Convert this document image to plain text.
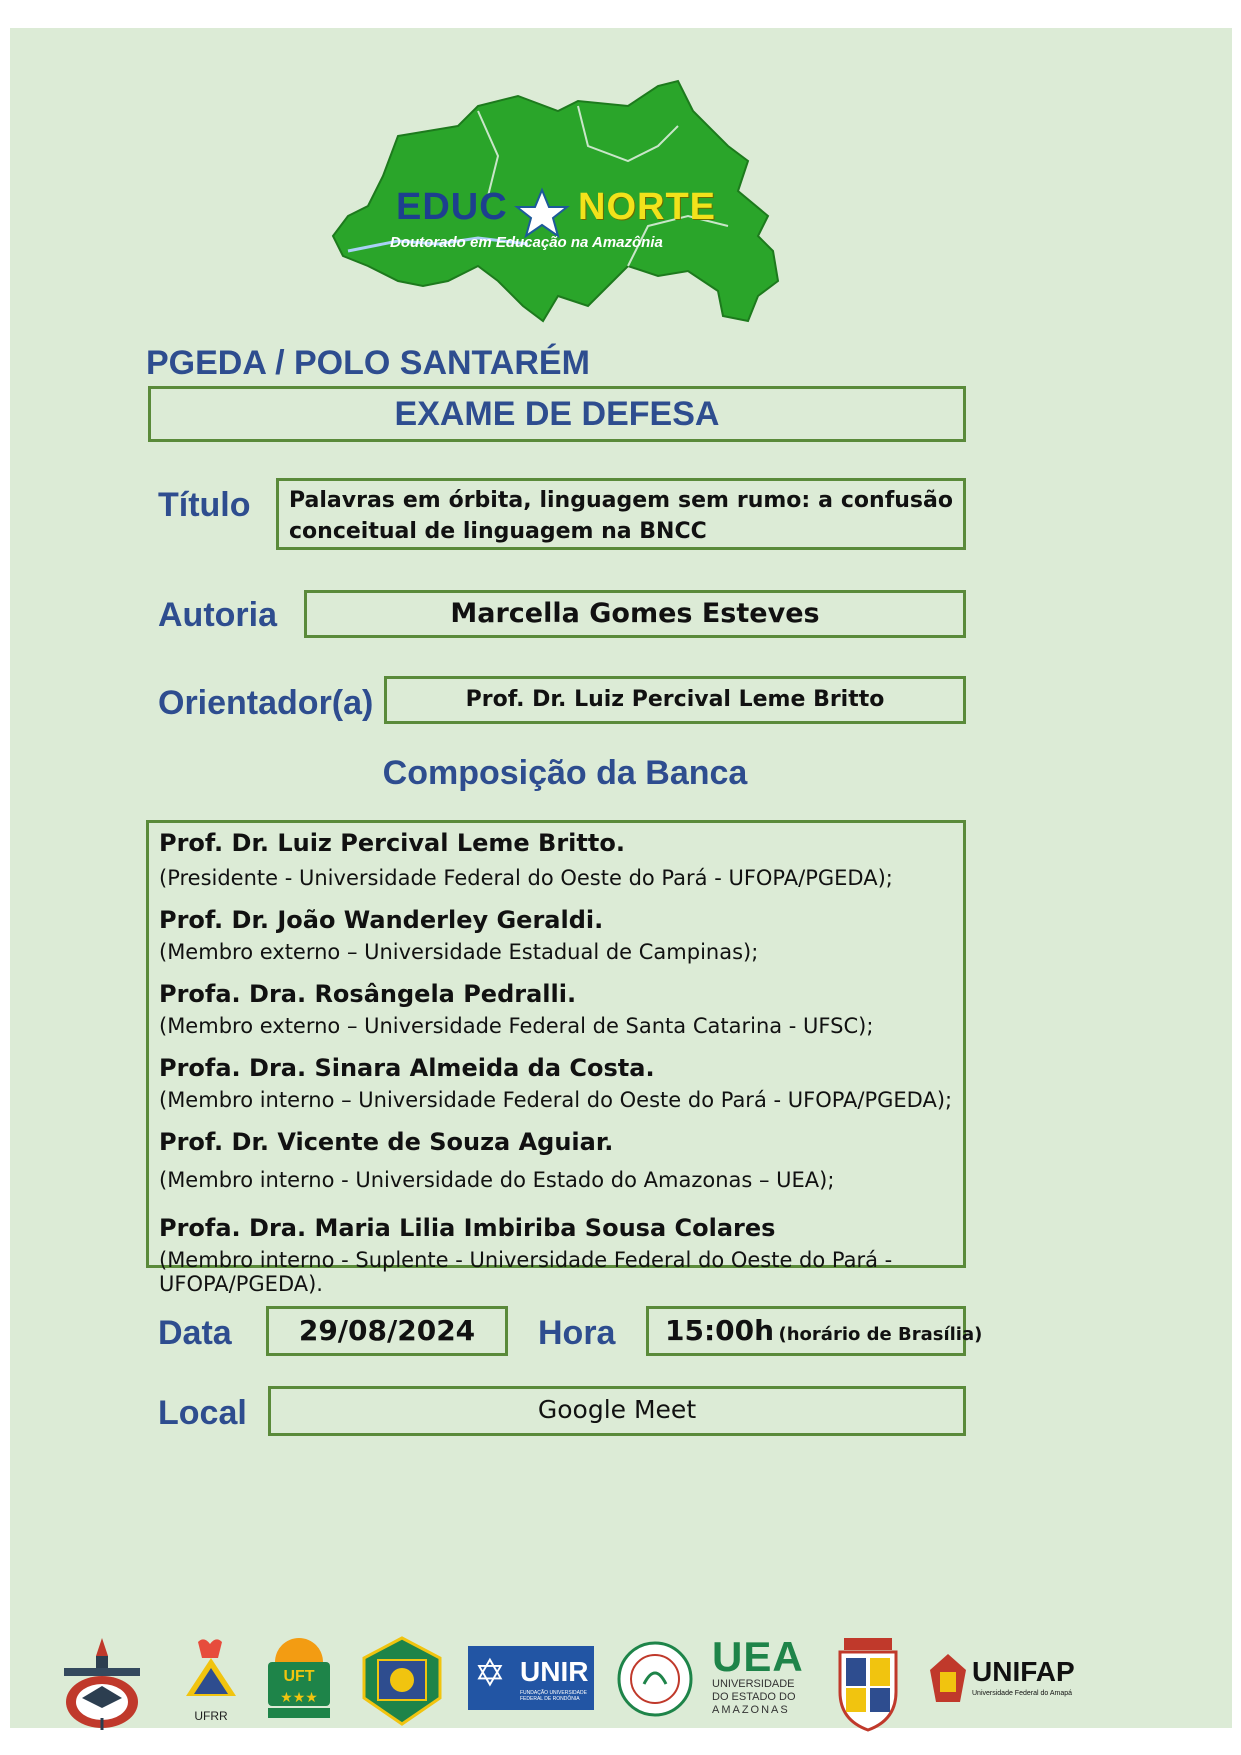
EDUC NORTE
Doutorado em Educação na Amazônia
PGEDA / POLO SANTARÉM
EXAME DE DEFESA
Título Palavras em órbita, linguagem sem rumo: a confusão conceitual de linguagem na BNCC
Autoria	Marcella Gomes Esteves
Orientador(a)	Prof. Dr. Luiz Percival Leme Britto
Composição da Banca
Prof. Dr. Luiz Percival Leme Britto.
(Presidente - Universidade Federal do Oeste do Pará - UFOPA/PGEDA);
Prof. Dr. João Wanderley Geraldi.
(Membro externo – Universidade Estadual de Campinas);
Profa. Dra. Rosângela Pedralli.
(Membro externo – Universidade Federal de Santa Catarina - UFSC);
Profa. Dra. Sinara Almeida da Costa.
(Membro interno – Universidade Federal do Oeste do Pará - UFOPA/PGEDA);
Prof. Dr. Vicente de Souza Aguiar.
(Membro interno - Universidade do Estado do Amazonas – UEA);
Profa. Dra. Maria Lilia Imbiriba Sousa Colares
(Membro interno - Suplente - Universidade Federal do Oeste do Pará - UFOPA/PGEDA).
Data	29/08/2024	Hora	15:00h (horário de Brasília)
Local	Google Meet
UFRR
★★★
UFT	✡ UNIR
FUNDAÇÃO UNIVERSIDADE FEDERAL DE RONDÔNIA
UEA
UNIVERSIDADE
DO ESTADO DO
AMAZONAS
UNIFAP
Universidade Federal do Amapá
